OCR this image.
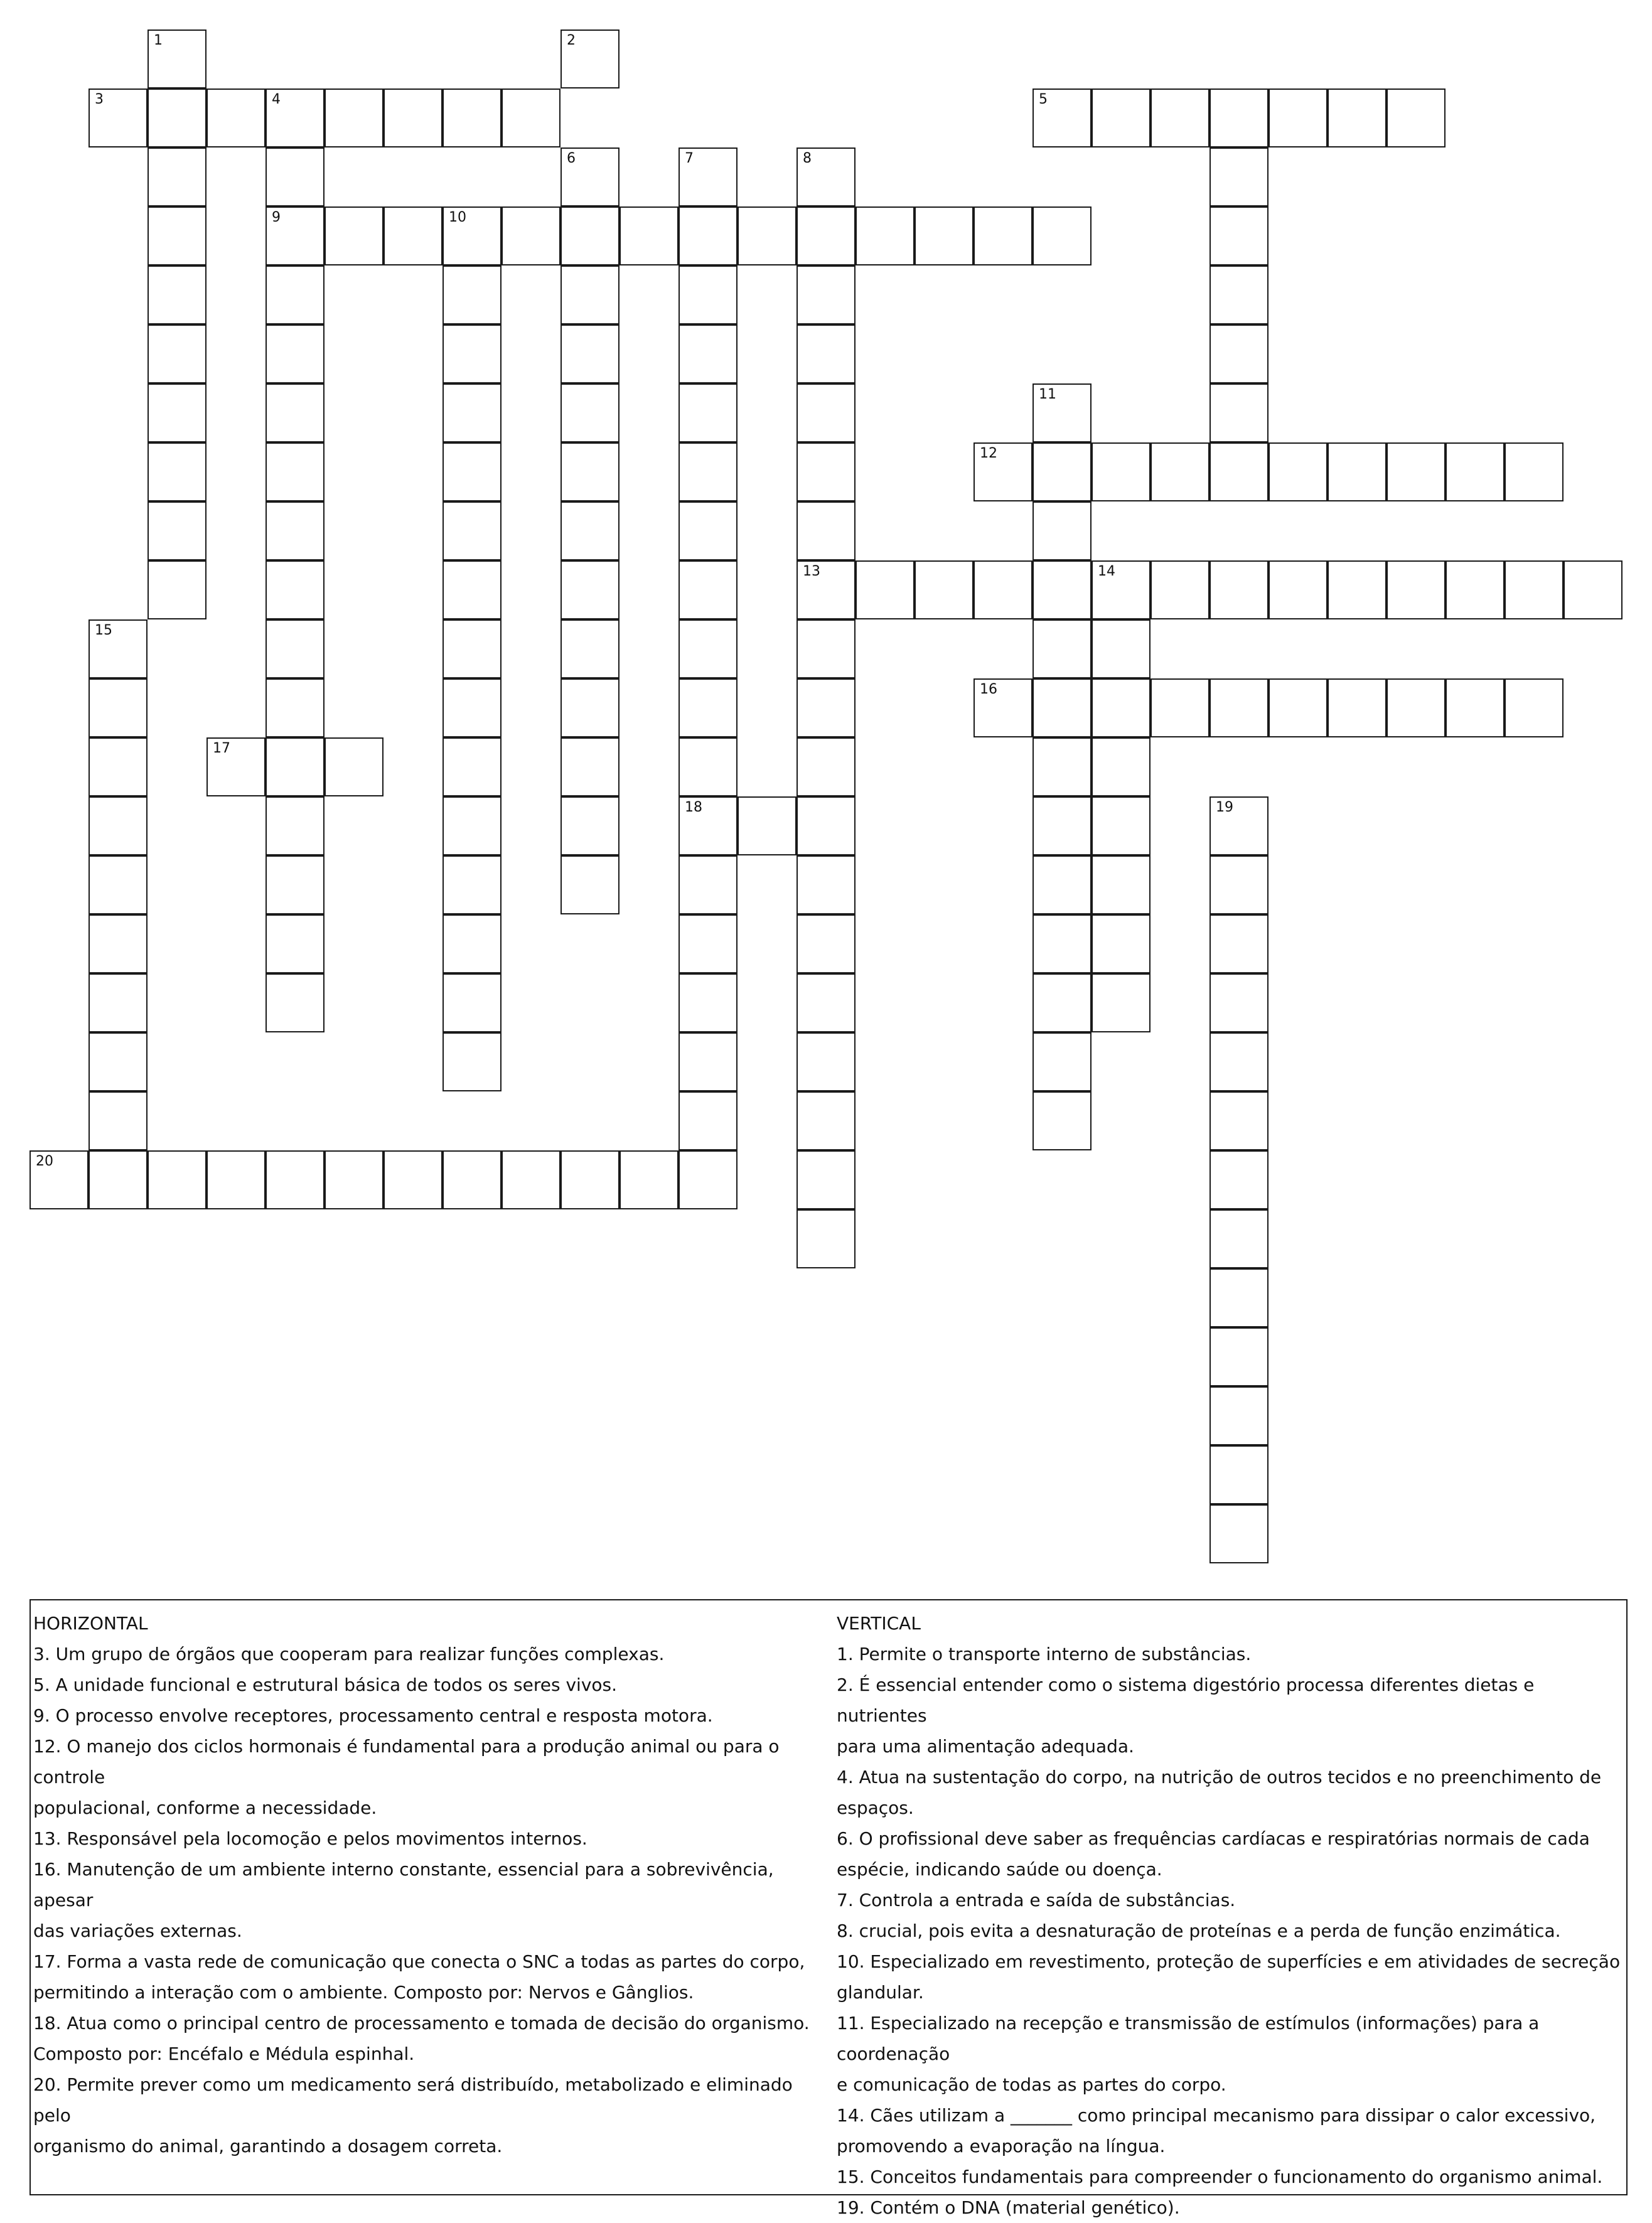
1	2
3	4	5
6	7	8
9	10
11
12
13	14
15
16
17
18	19
20

HORIZONTAL

3. Um grupo de órgãos que cooperam para realizar funções complexas.

5. A unidade funcional e estrutural básica de todos os seres vivos.

9. O processo envolve receptores, processamento central e resposta motora.

12. O manejo dos ciclos hormonais é fundamental para a produção animal ou para o controle
populacional, conforme a necessidade.

13. Responsável pela locomoção e pelos movimentos internos.

16. Manutenção de um ambiente interno constante, essencial para a sobrevivência, apesar
das variações externas.

17. Forma a vasta rede de comunicação que conecta o SNC a todas as partes do corpo,
permitindo a interação com o ambiente. Composto por: Nervos e Gânglios.

18. Atua como o principal centro de processamento e tomada de decisão do organismo.
Composto por: Encéfalo e Médula espinhal.

20. Permite prever como um medicamento será distribuído, metabolizado e eliminado pelo
organismo do animal, garantindo a dosagem correta.

VERTICAL

1. Permite o transporte interno de substâncias.

2. É essencial entender como o sistema digestório processa diferentes dietas e nutrientes
para uma alimentação adequada.

4. Atua na sustentação do corpo, na nutrição de outros tecidos e no preenchimento de
espaços.

6. O profissional deve saber as frequências cardíacas e respiratórias normais de cada
espécie, indicando saúde ou doença.

7. Controla a entrada e saída de substâncias.

8. crucial, pois evita a desnaturação de proteínas e a perda de função enzimática.

10. Especializado em revestimento, proteção de superfícies e em atividades de secreção
glandular.

11. Especializado na recepção e transmissão de estímulos (informações) para a coordenação
e comunicação de todas as partes do corpo.

14. Cães utilizam a _______ como principal mecanismo para dissipar o calor excessivo,
promovendo a evaporação na língua.

15. Conceitos fundamentais para compreender o funcionamento do organismo animal.

19. Contém o DNA (material genético).
